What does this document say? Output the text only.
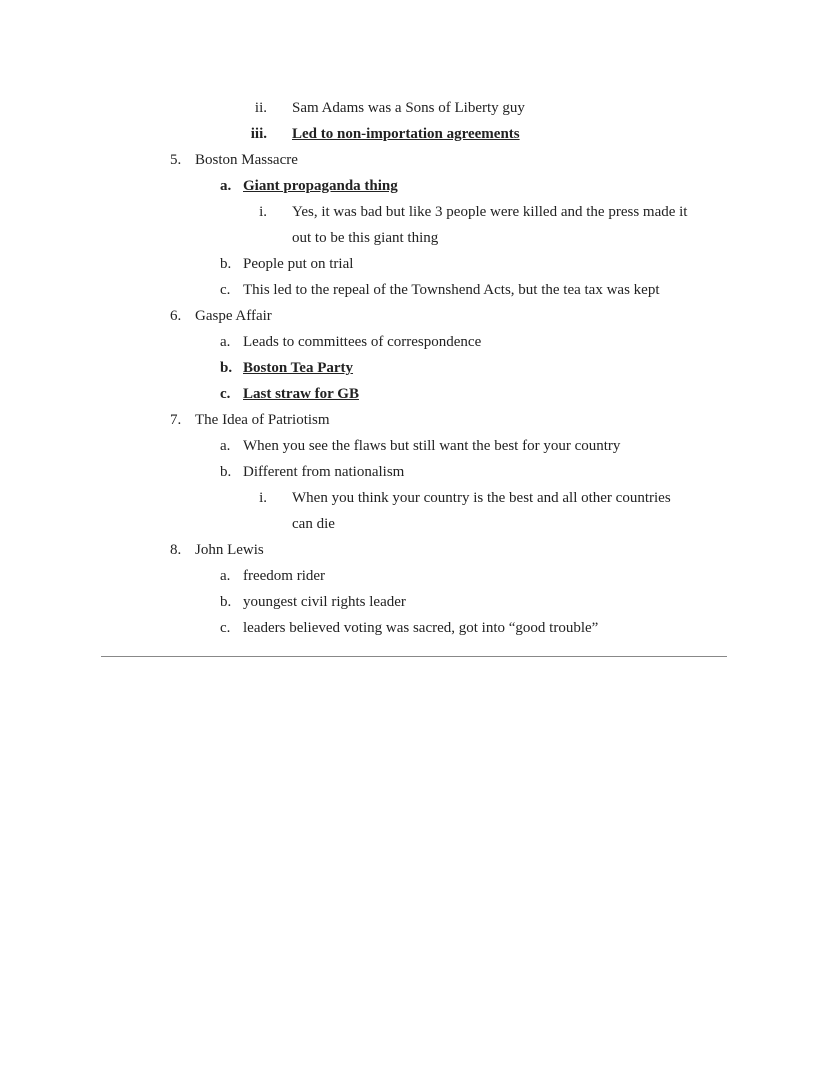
ii. Sam Adams was a Sons of Liberty guy
iii. Led to non-importation agreements
5. Boston Massacre
a. Giant propaganda thing
i. Yes, it was bad but like 3 people were killed and the press made it
out to be this giant thing
b. People put on trial
c. This led to the repeal of the Townshend Acts, but the tea tax was kept
6. Gaspe Affair
a. Leads to committees of correspondence
b. Boston Tea Party
c. Last straw for GB
7. The Idea of Patriotism
a. When you see the flaws but still want the best for your country
b. Different from nationalism
i. When you think your country is the best and all other countries
can die
8. John Lewis
a. freedom rider
b. youngest civil rights leader
c. leaders believed voting was sacred, got into “good trouble”
